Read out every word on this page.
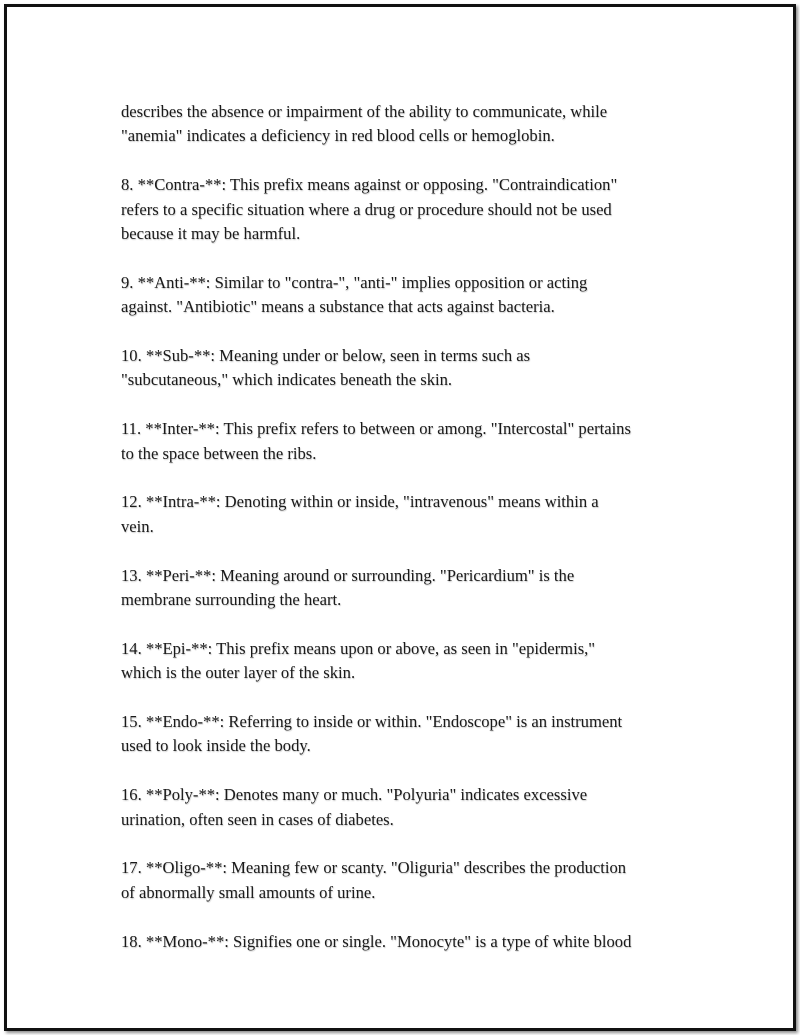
describes the absence or impairment of the ability to communicate, while
"anemia" indicates a deficiency in red blood cells or hemoglobin.

8. **Contra-**: This prefix means against or opposing. "Contraindication"
refers to a specific situation where a drug or procedure should not be used
because it may be harmful.

9. **Anti-**: Similar to "contra-", "anti-" implies opposition or acting
against. "Antibiotic" means a substance that acts against bacteria.

10. **Sub-**: Meaning under or below, seen in terms such as
"subcutaneous," which indicates beneath the skin.

11. **Inter-**: This prefix refers to between or among. "Intercostal" pertains
to the space between the ribs.

12. **Intra-**: Denoting within or inside, "intravenous" means within a
vein.

13. **Peri-**: Meaning around or surrounding. "Pericardium" is the
membrane surrounding the heart.

14. **Epi-**: This prefix means upon or above, as seen in "epidermis,"
which is the outer layer of the skin.

15. **Endo-**: Referring to inside or within. "Endoscope" is an instrument
used to look inside the body.

16. **Poly-**: Denotes many or much. "Polyuria" indicates excessive
urination, often seen in cases of diabetes.

17. **Oligo-**: Meaning few or scanty. "Oliguria" describes the production
of abnormally small amounts of urine.

18. **Mono-**: Signifies one or single. "Monocyte" is a type of white blood
